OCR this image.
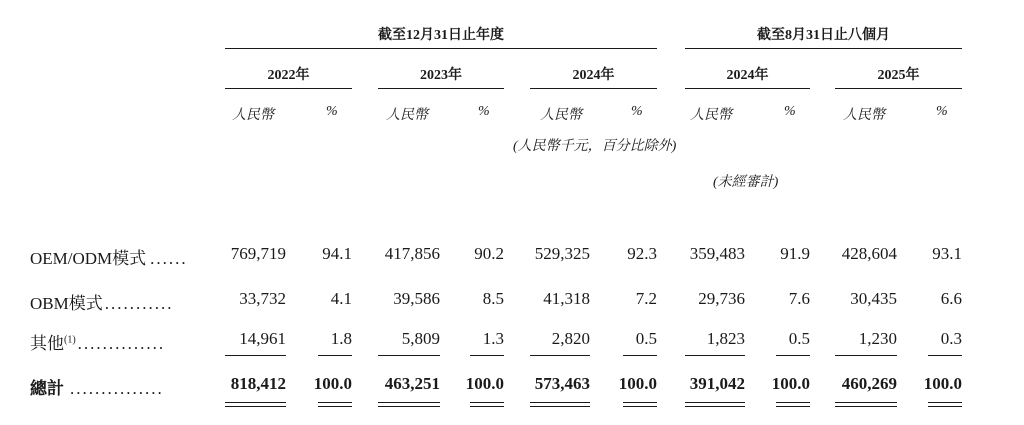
截至12月31日止年度	截至8月31日止八個月
2022年	2023年	2024年	2024年	2025年
人民幣	%	人民幣	%	人民幣	%	人民幣	%	人民幣	%
(人民幣千元，百分比除外)
(未經審計)
OEM/ODM模式 ......	769,719	94.1	417,856	90.2	529,325	92.3	359,483	91.9	428,604	93.1
OBM模式 ...........	33,732	4.1	39,586	8.5	41,318	7.2	29,736	7.6	30,435	6.6
其他$^{(1)}$ ..............	14,961	1.8	5,809	1.3	2,820	0.5	1,823	0.5	1,230	0.3
總計 ...............	818,412	100.0	463,251	100.0	573,463	100.0	391,042	100.0	460,269	100.0
